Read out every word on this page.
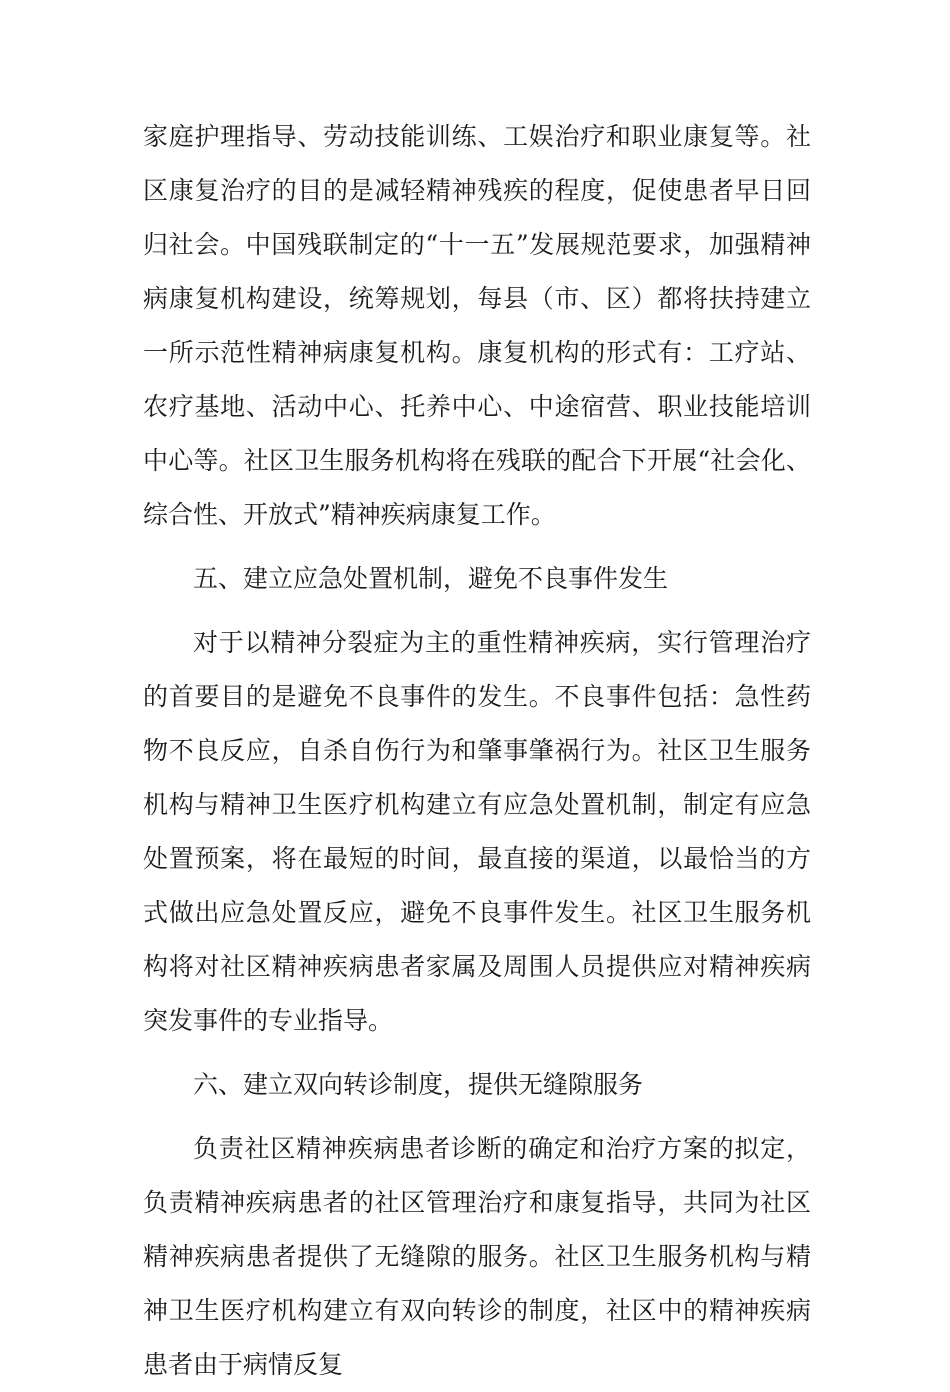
家庭护理指导、劳动技能训练、工娱治疗和职业康复等。社区康复治疗的目的是减轻精神残疾的程度，促使患者早日回归社会。中国残联制定的“十一五”发展规范要求，加强精神病康复机构建设，统筹规划，每县（市、区）都将扶持建立一所示范性精神病康复机构。康复机构的形式有：工疗站、农疗基地、活动中心、托养中心、中途宿营、职业技能培训中心等。社区卫生服务机构将在残联的配合下开展“社会化、综合性、开放式”精神疾病康复工作。

五、建立应急处置机制，避免不良事件发生

对于以精神分裂症为主的重性精神疾病，实行管理治疗的首要目的是避免不良事件的发生。不良事件包括：急性药物不良反应，自杀自伤行为和肇事肇祸行为。社区卫生服务机构与精神卫生医疗机构建立有应急处置机制，制定有应急处置预案，将在最短的时间，最直接的渠道，以最恰当的方式做出应急处置反应，避免不良事件发生。社区卫生服务机构将对社区精神疾病患者家属及周围人员提供应对精神疾病突发事件的专业指导。

六、建立双向转诊制度，提供无缝隙服务

负责社区精神疾病患者诊断的确定和治疗方案的拟定，负责精神疾病患者的社区管理治疗和康复指导，共同为社区精神疾病患者提供了无缝隙的服务。社区卫生服务机构与精神卫生医疗机构建立有双向转诊的制度，社区中的精神疾病患者由于病情反复
